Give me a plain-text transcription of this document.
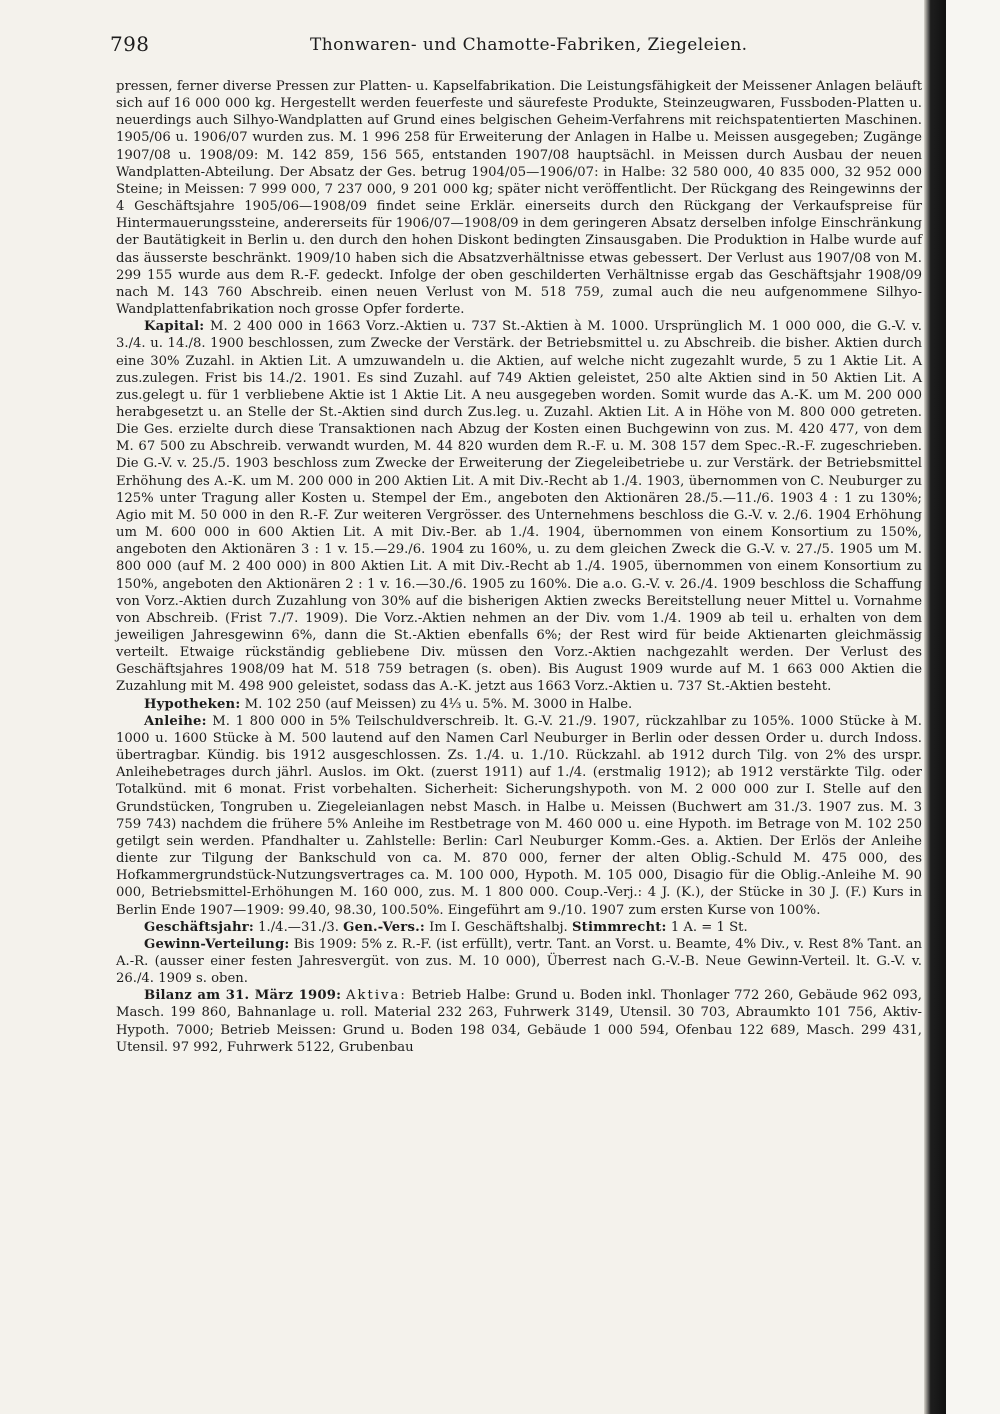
798	Thonwaren- und Chamotte-Fabriken, Ziegeleien.

pressen, ferner diverse Pressen zur Platten- u. Kapselfabrikation. Die Leistungsfähigkeit der Meissener Anlagen beläuft sich auf 16 000 000 kg. Hergestellt werden feuerfeste und säurefeste Produkte, Steinzeugwaren, Fussboden-Platten u. neuerdings auch Silhyo-Wandplatten auf Grund eines belgischen Geheim-Verfahrens mit reichspatentierten Maschinen. 1905/06 u. 1906/07 wurden zus. M. 1 996 258 für Erweiterung der Anlagen in Halbe u. Meissen ausgegeben; Zugänge 1907/08 u. 1908/09: M. 142 859, 156 565, entstanden 1907/08 hauptsächl. in Meissen durch Ausbau der neuen Wandplatten-Abteilung. Der Absatz der Ges. betrug 1904/05—1906/07: in Halbe: 32 580 000, 40 835 000, 32 952 000 Steine; in Meissen: 7 999 000, 7 237 000, 9 201 000 kg; später nicht veröffentlicht. Der Rückgang des Reingewinns der 4 Geschäftsjahre 1905/06—1908/09 findet seine Erklär. einerseits durch den Rückgang der Verkaufspreise für Hintermauerungssteine, andererseits für 1906/07—1908/09 in dem geringeren Absatz derselben infolge Einschränkung der Bautätigkeit in Berlin u. den durch den hohen Diskont bedingten Zinsausgaben. Die Produktion in Halbe wurde auf das äusserste beschränkt. 1909/10 haben sich die Absatzverhältnisse etwas gebessert. Der Verlust aus 1907/08 von M. 299 155 wurde aus dem R.-F. gedeckt. Infolge der oben geschilderten Verhältnisse ergab das Geschäftsjahr 1908/09 nach M. 143 760 Abschreib. einen neuen Verlust von M. 518 759, zumal auch die neu aufgenommene Silhyo-Wandplattenfabrikation noch grosse Opfer forderte.

Kapital: M. 2 400 000 in 1663 Vorz.-Aktien u. 737 St.-Aktien à M. 1000. Ursprünglich M. 1 000 000, die G.-V. v. 3./4. u. 14./8. 1900 beschlossen, zum Zwecke der Verstärk. der Betriebsmittel u. zu Abschreib. die bisher. Aktien durch eine 30% Zuzahl. in Aktien Lit. A umzuwandeln u. die Aktien, auf welche nicht zugezahlt wurde, 5 zu 1 Aktie Lit. A zus.zulegen. Frist bis 14./2. 1901. Es sind Zuzahl. auf 749 Aktien geleistet, 250 alte Aktien sind in 50 Aktien Lit. A zus.gelegt u. für 1 verbliebene Aktie ist 1 Aktie Lit. A neu ausgegeben worden. Somit wurde das A.-K. um M. 200 000 herabgesetzt u. an Stelle der St.-Aktien sind durch Zus.leg. u. Zuzahl. Aktien Lit. A in Höhe von M. 800 000 getreten. Die Ges. erzielte durch diese Transaktionen nach Abzug der Kosten einen Buchgewinn von zus. M. 420 477, von dem M. 67 500 zu Abschreib. verwandt wurden, M. 44 820 wurden dem R.-F. u. M. 308 157 dem Spec.-R.-F. zugeschrieben. Die G.-V. v. 25./5. 1903 beschloss zum Zwecke der Erweiterung der Ziegeleibetriebe u. zur Verstärk. der Betriebsmittel Erhöhung des A.-K. um M. 200 000 in 200 Aktien Lit. A mit Div.-Recht ab 1./4. 1903, übernommen von C. Neuburger zu 125% unter Tragung aller Kosten u. Stempel der Em., angeboten den Aktionären 28./5.—11./6. 1903 4 : 1 zu 130%; Agio mit M. 50 000 in den R.-F. Zur weiteren Vergrösser. des Unternehmens beschloss die G.-V. v. 2./6. 1904 Erhöhung um M. 600 000 in 600 Aktien Lit. A mit Div.-Ber. ab 1./4. 1904, übernommen von einem Konsortium zu 150%, angeboten den Aktionären 3 : 1 v. 15.—29./6. 1904 zu 160%, u. zu dem gleichen Zweck die G.-V. v. 27./5. 1905 um M. 800 000 (auf M. 2 400 000) in 800 Aktien Lit. A mit Div.-Recht ab 1./4. 1905, übernommen von einem Konsortium zu 150%, angeboten den Aktionären 2 : 1 v. 16.—30./6. 1905 zu 160%. Die a.o. G.-V. v. 26./4. 1909 beschloss die Schaffung von Vorz.-Aktien durch Zuzahlung von 30% auf die bisherigen Aktien zwecks Bereitstellung neuer Mittel u. Vornahme von Abschreib. (Frist 7./7. 1909). Die Vorz.-Aktien nehmen an der Div. vom 1./4. 1909 ab teil u. erhalten von dem jeweiligen Jahresgewinn 6%, dann die St.-Aktien ebenfalls 6%; der Rest wird für beide Aktienarten gleichmässig verteilt. Etwaige rückständig gebliebene Div. müssen den Vorz.-Aktien nachgezahlt werden. Der Verlust des Geschäftsjahres 1908/09 hat M. 518 759 betragen (s. oben). Bis August 1909 wurde auf M. 1 663 000 Aktien die Zuzahlung mit M. 498 900 geleistet, sodass das A.-K. jetzt aus 1663 Vorz.-Aktien u. 737 St.-Aktien besteht.

Hypotheken: M. 102 250 (auf Meissen) zu 4⅓ u. 5%. M. 3000 in Halbe.

Anleihe: M. 1 800 000 in 5% Teilschuldverschreib. lt. G.-V. 21./9. 1907, rückzahlbar zu 105%. 1000 Stücke à M. 1000 u. 1600 Stücke à M. 500 lautend auf den Namen Carl Neuburger in Berlin oder dessen Order u. durch Indoss. übertragbar. Kündig. bis 1912 ausgeschlossen. Zs. 1./4. u. 1./10. Rückzahl. ab 1912 durch Tilg. von 2% des urspr. Anleihebetrages durch jährl. Auslos. im Okt. (zuerst 1911) auf 1./4. (erstmalig 1912); ab 1912 verstärkte Tilg. oder Totalkünd. mit 6 monat. Frist vorbehalten. Sicherheit: Sicherungshypoth. von M. 2 000 000 zur I. Stelle auf den Grundstücken, Tongruben u. Ziegeleianlagen nebst Masch. in Halbe u. Meissen (Buchwert am 31./3. 1907 zus. M. 3 759 743) nachdem die frühere 5% Anleihe im Restbetrage von M. 460 000 u. eine Hypoth. im Betrage von M. 102 250 getilgt sein werden. Pfandhalter u. Zahlstelle: Berlin: Carl Neuburger Komm.-Ges. a. Aktien. Der Erlös der Anleihe diente zur Tilgung der Bankschuld von ca. M. 870 000, ferner der alten Oblig.-Schuld M. 475 000, des Hofkammergrundstück-Nutzungsvertrages ca. M. 100 000, Hypoth. M. 105 000, Disagio für die Oblig.-Anleihe M. 90 000, Betriebsmittel-Erhöhungen M. 160 000, zus. M. 1 800 000. Coup.-Verj.: 4 J. (K.), der Stücke in 30 J. (F.) Kurs in Berlin Ende 1907—1909: 99.40, 98.30, 100.50%. Eingeführt am 9./10. 1907 zum ersten Kurse von 100%.

Geschäftsjahr: 1./4.—31./3. Gen.-Vers.: Im I. Geschäftshalbj. Stimmrecht: 1 A. = 1 St.

Gewinn-Verteilung: Bis 1909: 5% z. R.-F. (ist erfüllt), vertr. Tant. an Vorst. u. Beamte, 4% Div., v. Rest 8% Tant. an A.-R. (ausser einer festen Jahresvergüt. von zus. M. 10 000), Überrest nach G.-V.-B. Neue Gewinn-Verteil. lt. G.-V. v. 26./4. 1909 s. oben.

Bilanz am 31. März 1909: Aktiva: Betrieb Halbe: Grund u. Boden inkl. Thonlager 772 260, Gebäude 962 093, Masch. 199 860, Bahnanlage u. roll. Material 232 263, Fuhrwerk 3149, Utensil. 30 703, Abraumkto 101 756, Aktiv-Hypoth. 7000; Betrieb Meissen: Grund u. Boden 198 034, Gebäude 1 000 594, Ofenbau 122 689, Masch. 299 431, Utensil. 97 992, Fuhrwerk 5122, Grubenbau
